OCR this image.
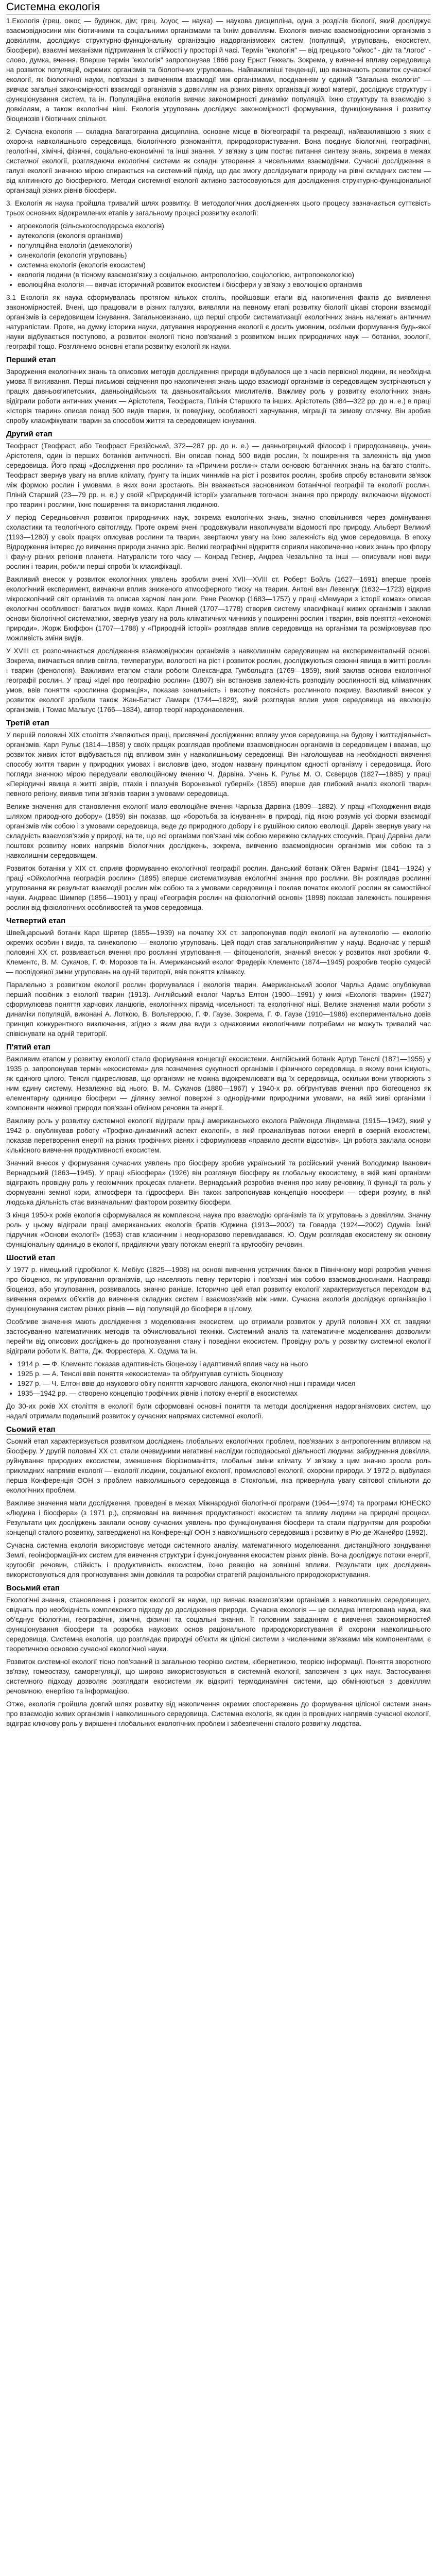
Системна екологія

1.Екологія (грец. οικος — будинок, дім; грец. λογος — наука) — наукова дисципліна, одна з розділів біології, який досліджує взаємовідносини між біотичними та соціальними організмами та їхнім довкіллям. Екологія вивчає взаємовідносини організмів з довкіллям, досліджує структурно-функціональну організацію надорганізмових систем (популяцій, угруповань, екосистем, біосфери), взаємні механізми підтримання їх стійкості у просторі й часі. Термін "екологія" — від грецького "ойкос" - дім та "логос" - слово, думка, вчення. Вперше термін "екологія" запропонував 1866 року Ернст Геккель. Зокрема, у вивченні впливу середовища на розвиток популяцій, окремих організмів та біологічних угруповань. Найважливіші тенденції, що визначають розвиток сучасної екології, як біологічної науки, пов'язані з вивченням взаємодії між організмами, поєднанням у єдиний "Загальна екологія" — вивчає загальні закономірності взаємодії організмів з довкіллям на різних рівнях організації живої матерії, досліджує структуру і функціонування систем, та ін. Популяційна екологія вивчає закономірності динаміки популяцій, їхню структуру та взаємодію з довкіллям, а також екологічні ніші. Екологія угруповань досліджує закономірності формування, функціонування і розвитку біоценозів і біотичних спільнот.

2. Сучасна екологія — складна багатогранна дисципліна, основне місце в біогеографії та рекреації, найважливішою з яких є охорона навколишнього середовища, біологічного різноманіття, природокористування. Вона поєднує біологічні, географічні, геологічні, хімічні, фізичні, соціально-економічні та інші знання. У зв'язку з цим постає питання синтезу знань, зокрема в межах системної екології, розглядаючи екологічні системи як складні утворення з чисельними взаємодіями. Сучасні дослідження в галузі екології значною мірою спираються на системний підхід, що дає змогу досліджувати природу на рівні складних систем — від клітинного до біосферного. Методи системної екології активно застосовуються для дослідження структурно-функціональної організації різних рівнів біосфери.

3. Екологія як наука пройшла тривалий шлях розвитку. В методологічних дослідженнях цього процесу зазначається суттєвість трьох основних відокремлених етапів у загальному процесі розвитку екології:

• агроекологія (сільськогосподарська екологія)
• аутекологія (екологія організмів)
• популяційна екологія (демекологія)
• синекологія (екологія угруповань)
• системна екологія (екологія екосистем)
• екологія людини (в тісному взаємозв'язку з соціальною, антропологією, соціологією, антропоекологією)
• еволюційна екологія — вивчає історичний розвиток екосистем і біосфери у зв'язку з еволюцією організмів

3.1 Екологія як наука сформувалась протягом кількох століть, пройшовши етапи від накопичення фактів до виявлення закономірностей. Вчені, що працювали в різних галузях, виявляли на певному етапі розвитку біології цікаві сторони взаємодії організмів із середовищем існування. Загальновизнано, що перші спроби систематизації екологічних знань належать античним натуралістам. Проте, на думку історика науки, датування народження екології є досить умовним, оскільки формування будь-якої науки відбувається поступово, а розвиток екології тісно пов'язаний з розвитком інших природничих наук — ботаніки, зоології, географії тощо. Розглянемо основні етапи розвитку екології як науки.

Перший етап

Зародження екологічних знань та описових методів дослідження природи відбувалося ще з часів первісної людини, як необхідна умова її виживання. Перші письмові свідчення про накопичення знань щодо взаємодії організмів із середовищем зустрічаються у працях давньоєгипетських, давньоіндійських та давньокитайських мислителів. Важливу роль у розвитку екологічних знань відіграли роботи античних учених — Арістотеля, Теофраста, Плінія Старшого та інших. Арістотель (384—322 рр. до н. е.) в праці «Історія тварин» описав понад 500 видів тварин, їх поведінку, особливості харчування, міграції та зимову сплячку. Він зробив спробу класифікувати тварин за способом життя та середовищем існування.

Другий етап

Теофраст (Теофраст, або Теофраст Ерезійський, 372—287 рр. до н. е.) — давньогрецький філософ і природознавець, учень Арістотеля, один із перших ботаніків античності. Він описав понад 500 видів рослин, їх поширення та залежність від умов середовища. Його праці «Дослідження про рослини» та «Причини рослин» стали основою ботанічних знань на багато століть. Теофраст звернув увагу на вплив клімату, ґрунту та інших чинників на ріст і розвиток рослин, зробив спробу встановити зв'язок між формою рослин і умовами, в яких вони зростають. Він вважається засновником ботанічної географії та екології рослин. Пліній Старший (23—79 рр. н. е.) у своїй «Природничій історії» узагальнив тогочасні знання про природу, включаючи відомості про тварин і рослини, їхнє поширення та використання людиною.

У період Середньовіччя розвиток природничих наук, зокрема екологічних знань, значно сповільнився через домінування схоластики та теологічного світогляду. Проте окремі вчені продовжували накопичувати відомості про природу. Альберт Великий (1193—1280) у своїх працях описував рослини та тварин, звертаючи увагу на їхню залежність від умов середовища. В епоху Відродження інтерес до вивчення природи значно зріс. Великі географічні відкриття сприяли накопиченню нових знань про флору і фауну різних регіонів планети. Натуралісти того часу — Конрад Геснер, Андреа Чезальпіно та інші — описували нові види рослин і тварин, робили перші спроби їх класифікації.

Важливий внесок у розвиток екологічних уявлень зробили вчені XVII—XVIII ст. Роберт Бойль (1627—1691) вперше провів екологічний експеримент, вивчаючи вплив зниженого атмосферного тиску на тварин. Антоні ван Левенгук (1632—1723) відкрив мікроскопічний світ організмів та описав харчові ланцюги. Рене Реомюр (1683—1757) у праці «Мемуари з історії комах» описав екологічні особливості багатьох видів комах. Карл Лінней (1707—1778) створив систему класифікації живих організмів і заклав основи біологічної систематики, звернув увагу на роль кліматичних чинників у поширенні рослин і тварин, ввів поняття «економія природи». Жорж Бюффон (1707—1788) у «Природній історії» розглядав вплив середовища на організми та розмірковував про можливість зміни видів.

У XVIII ст. розпочинається дослідження взаємовідносин організмів з навколишнім середовищем на експериментальній основі. Зокрема, вивчається вплив світла, температури, вологості на ріст і розвиток рослин, досліджуються сезонні явища в житті рослин і тварин (фенологія). Важливим етапом стали роботи Олександра Гумбольдта (1769—1859), який заклав основи екологічної географії рослин. У праці «Ідеї про географію рослин» (1807) він встановив залежність розподілу рослинності від кліматичних умов, ввів поняття «рослинна формація», показав зональність і висотну поясність рослинного покриву. Важливий внесок у розвиток екології зробили також Жан-Батист Ламарк (1744—1829), який розглядав вплив умов середовища на еволюцію організмів, і Томас Мальтус (1766—1834), автор теорії народонаселення.

Третій етап

У першій половині XIX століття з'являються праці, присвячені дослідженню впливу умов середовища на будову і життєдіяльність організмів. Карл Рульє (1814—1858) у своїх працях розглядав проблеми взаємовідносин організмів із середовищем і вважав, що розвиток живих істот відбувається під впливом змін у навколишньому середовищі. Він наголошував на необхідності вивчення способу життя тварин у природних умовах і висловив ідею, згодом названу принципом єдності організму і середовища. Його погляди значною мірою передували еволюційному вченню Ч. Дарвіна. Учень К. Рульє М. О. Сєверцов (1827—1885) у праці «Періодичні явища в житті звірів, птахів і плазунів Воронезької губернії» (1855) вперше дав глибокий аналіз екології тварин певного регіону, виявив типи зв'язків тварин з умовами середовища.

Велике значення для становлення екології мало еволюційне вчення Чарльза Дарвіна (1809—1882). У праці «Походження видів шляхом природного добору» (1859) він показав, що «боротьба за існування» в природі, під якою розумів усі форми взаємодії організмів між собою і з умовами середовища, веде до природного добору і є рушійною силою еволюції. Дарвін звернув увагу на складність взаємозв'язків у природі, на те, що всі організми пов'язані між собою мережею складних стосунків. Праці Дарвіна дали поштовх розвитку нових напрямів біологічних досліджень, зокрема, вивченню взаємовідносин організмів між собою та з навколишнім середовищем.

Розвиток ботаніки у XIX ст. сприяв формуванню екологічної географії рослин. Данський ботанік Ойген Вармінг (1841—1924) у праці «Ойкологічна географія рослин» (1895) вперше систематизував екологічні знання про рослини. Він розглядав рослинні угруповання як результат взаємодії рослин між собою та з умовами середовища і поклав початок екології рослин як самостійної науки. Андреас Шимпер (1856—1901) у праці «Географія рослин на фізіологічній основі» (1898) показав залежність поширення рослин від фізіологічних особливостей та умов середовища.

Четвертий етап

Швейцарський ботанік Карл Шретер (1855—1939) на початку XX ст. запропонував поділ екології на аутекологію — екологію окремих особин і видів, та синекологію — екологію угруповань. Цей поділ став загальноприйнятим у науці. Водночас у першій половині XX ст. розвивається вчення про рослинні угруповання — фітоценологія, значний внесок у розвиток якої зробили Ф. Клементс, В. М. Сукачов, Г. Ф. Морозов та ін. Американський еколог Фредерік Клементс (1874—1945) розробив теорію сукцесій — послідовної зміни угруповань на одній території, ввів поняття клімаксу.

Паралельно з розвитком екології рослин формувалася і екологія тварин. Американський зоолог Чарльз Адамс опублікував перший посібник з екології тварин (1913). Англійський еколог Чарльз Елтон (1900—1991) у книзі «Екологія тварин» (1927) сформулював поняття харчових ланцюгів, екологічних пірамід чисельності та екологічної ніші. Велике значення мали роботи з динаміки популяцій, виконані А. Лоткою, В. Вольтеррою, Г. Ф. Гаузе. Зокрема, Г. Ф. Гаузе (1910—1986) експериментально довів принцип конкурентного виключення, згідно з яким два види з однаковими екологічними потребами не можуть тривалий час співіснувати на одній території.

П'ятий етап

Важливим етапом у розвитку екології стало формування концепції екосистеми. Англійський ботанік Артур Тенслі (1871—1955) у 1935 р. запропонував термін «екосистема» для позначення сукупності організмів і фізичного середовища, в якому вони існують, як єдиного цілого. Тенслі підкреслював, що організми не можна відокремлювати від їх середовища, оскільки вони утворюють з ним єдину систему. Незалежно від нього, В. М. Сукачов (1880—1967) у 1940-х рр. обґрунтував вчення про біогеоценоз як елементарну одиницю біосфери — ділянку земної поверхні з однорідними природними умовами, на якій живі організми і компоненти неживої природи пов'язані обміном речовин та енергії.

Важливу роль у розвитку системної екології відіграли праці американського еколога Раймонда Ліндемана (1915—1942), який у 1942 р. опублікував роботу «Трофіко-динамічний аспект екології», в якій проаналізував потоки енергії в озерній екосистемі, показав перетворення енергії на різних трофічних рівнях і сформулював «правило десяти відсотків». Ця робота заклала основи кількісного вивчення продуктивності екосистем.

Значний внесок у формування сучасних уявлень про біосферу зробив український та російський учений Володимир Іванович Вернадський (1863—1945). У праці «Біосфера» (1926) він розглянув біосферу як глобальну екосистему, в якій живі організми відіграють провідну роль у геохімічних процесах планети. Вернадський розробив вчення про живу речовину, її функції та роль у формуванні земної кори, атмосфери та гідросфери. Він також запропонував концепцію ноосфери — сфери розуму, в якій людська діяльність стає визначальним фактором розвитку біосфери.

З кінця 1950-х років екологія сформувалася як комплексна наука про взаємодію організмів та їх угруповань з довкіллям. Значну роль у цьому відіграли праці американських екологів братів Юджина (1913—2002) та Говарда (1924—2002) Одумів. Їхній підручник «Основи екології» (1953) став класичним і неодноразово перевидавався. Ю. Одум розглядав екосистему як основну функціональну одиницю в екології, приділяючи увагу потокам енергії та кругообігу речовин.

Шостий етап

У 1977 р. німецький гідробіолог К. Мебіус (1825—1908) на основі вивчення устричних банок в Північному морі розробив учення про біоценоз, як угруповання організмів, що населяють певну територію і пов'язані між собою взаємовідносинами. Насправді біоценоз, або угруповання, розвивалось значно раніше. Історично цей етап розвитку екології характеризується переходом від вивчення окремих об'єктів до вивчення складних систем і взаємозв'язків між ними. Сучасна екологія досліджує організацію і функціонування систем різних рівнів — від популяцій до біосфери в цілому.

Особливе значення мають дослідження з моделювання екосистем, що отримали розвиток у другій половині XX ст. завдяки застосуванню математичних методів та обчислювальної техніки. Системний аналіз та математичне моделювання дозволили перейти від описових досліджень до прогнозування стану і поведінки екосистем. Провідну роль у розвитку системної екології відіграли роботи К. Ватта, Дж. Форрестера, Х. Одума та ін.

• 1914 р. — Ф. Клементс показав адаптивність біоценозу і адаптивний вплив часу на нього
• 1925 р. — А. Тенслі ввів поняття «екосистема» та обґрунтував сутність біоценозу
• 1927 р. — Ч. Елтон ввів до наукового обігу поняття харчового ланцюга, екологічної ніші і піраміди чисел
• 1935—1942 рр. — створено концепцію трофічних рівнів і потоку енергії в екосистемах

До 30-их років ХХ століття в екології були сформовані основні поняття та методи дослідження надорганізмових систем, що надалі отримали подальший розвиток у сучасних напрямах системної екології.

Сьомий етап

Сьомий етап характеризується розвитком досліджень глобальних екологічних проблем, пов'язаних з антропогенним впливом на біосферу. У другій половині XX ст. стали очевидними негативні наслідки господарської діяльності людини: забруднення довкілля, руйнування природних екосистем, зменшення біорізноманіття, глобальні зміни клімату. У зв'язку з цим значно зросла роль прикладних напрямів екології — екології людини, соціальної екології, промислової екології, охорони природи. У 1972 р. відбулася перша Конференція ООН з проблем навколишнього середовища в Стокгольмі, яка привернула увагу світової спільноти до екологічних проблем.

Важливе значення мали дослідження, проведені в межах Міжнародної біологічної програми (1964—1974) та програми ЮНЕСКО «Людина і біосфера» (з 1971 р.), спрямовані на вивчення продуктивності екосистем та впливу людини на природні процеси. Результати цих досліджень заклали основу сучасних уявлень про функціонування біосфери та стали підґрунтям для розробки концепції сталого розвитку, затвердженої на Конференції ООН з навколишнього середовища і розвитку в Ріо-де-Жанейро (1992).

Сучасна системна екологія використовує методи системного аналізу, математичного моделювання, дистанційного зондування Землі, геоінформаційних систем для вивчення структури і функціонування екосистем різних рівнів. Вона досліджує потоки енергії, кругообіг речовин, стійкість і продуктивність екосистем, їхню реакцію на зовнішні впливи. Результати цих досліджень використовуються для прогнозування змін довкілля та розробки стратегій раціонального природокористування.

Восьмий етап

Екологічні знання, становлення і розвиток екології як науки, що вивчає взаємозв'язки організмів з навколишнім середовищем, свідчать про необхідність комплексного підходу до дослідження природи. Сучасна екологія — це складна інтегрована наука, яка об'єднує біологічні, географічні, хімічні, фізичні та соціальні знання. Її головним завданням є вивчення закономірностей функціонування біосфери та розробка наукових основ раціонального природокористування й охорони навколишнього середовища. Системна екологія, що розглядає природні об'єкти як цілісні системи з численними зв'язками між компонентами, є теоретичною основою сучасної екологічної науки.

Розвиток системної екології тісно пов'язаний із загальною теорією систем, кібернетикою, теорією інформації. Поняття зворотного зв'язку, гомеостазу, саморегуляції, що широко використовуються в системній екології, запозичені з цих наук. Застосування системного підходу дозволяє розглядати екосистеми як відкриті термодинамічні системи, що обмінюються з довкіллям речовиною, енергією та інформацією.

Отже, екологія пройшла довгий шлях розвитку від накопичення окремих спостережень до формування цілісної системи знань про взаємодію живих організмів і навколишнього середовища. Системна екологія, як один із провідних напрямів сучасної екології, відіграє ключову роль у вирішенні глобальних екологічних проблем і забезпеченні сталого розвитку людства.
